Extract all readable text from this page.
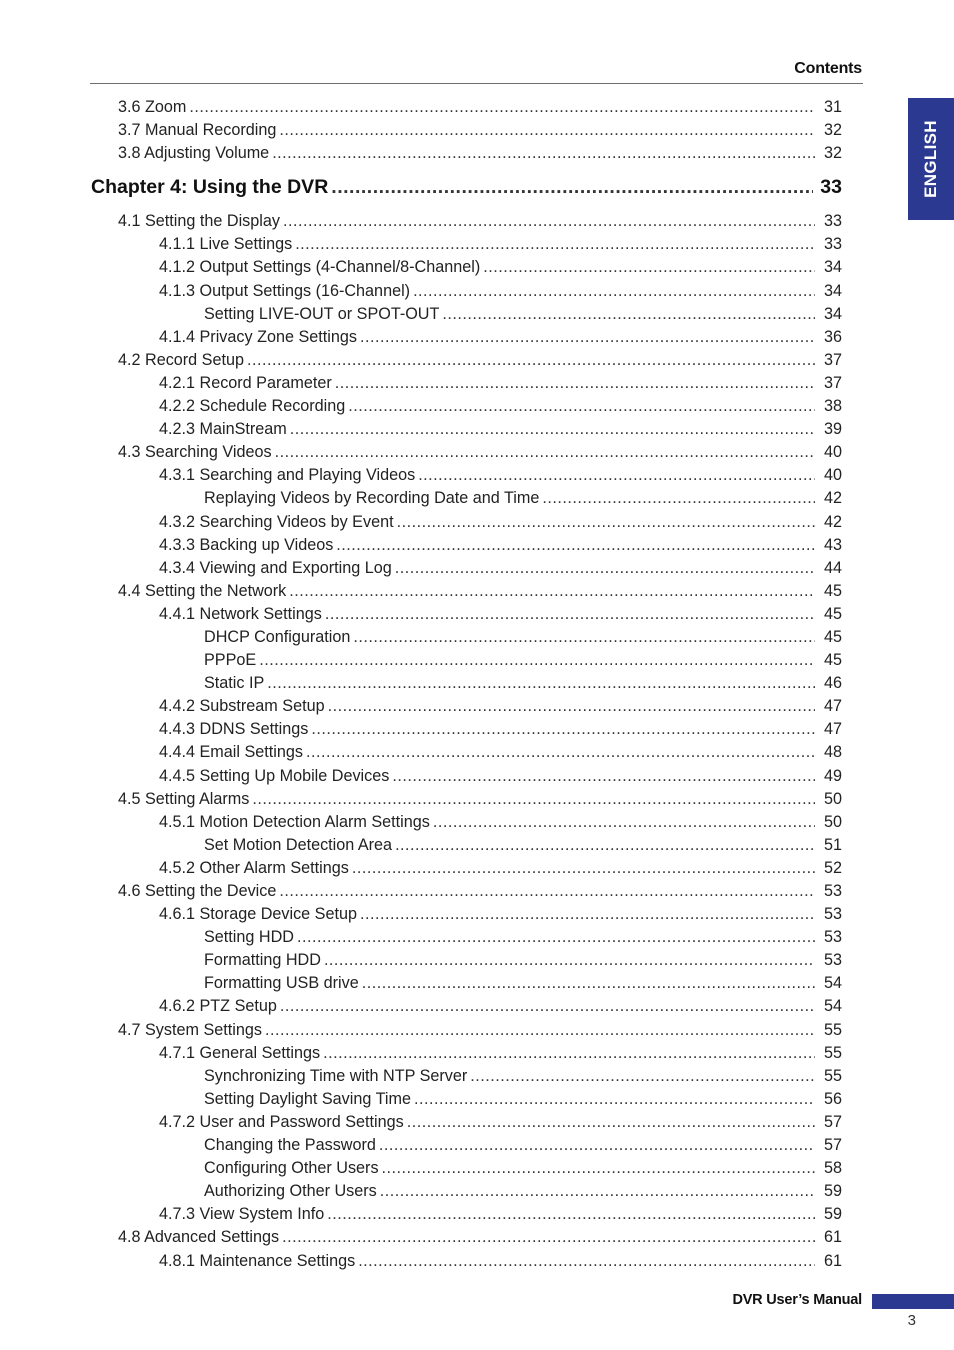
Contents
ENGLISH
3.6 Zoom .....	31
3.7 Manual Recording .....	32
3.8 Adjusting Volume .....	32
Chapter 4: Using the DVR .....	33
4.1 Setting the Display .....	33
4.1.1 Live Settings .....	33
4.1.2 Output Settings (4-Channel/8-Channel) .....	34
4.1.3 Output Settings (16-Channel) .....	34
Setting LIVE-OUT or SPOT-OUT .....	34
4.1.4 Privacy Zone Settings .....	36
4.2 Record Setup .....	37
4.2.1 Record Parameter .....	37
4.2.2 Schedule Recording .....	38
4.2.3 MainStream .....	39
4.3 Searching Videos .....	40
4.3.1 Searching and Playing Videos .....	40
Replaying Videos by Recording Date and Time .....	42
4.3.2 Searching Videos by Event .....	42
4.3.3 Backing up Videos .....	43
4.3.4 Viewing and Exporting Log .....	44
4.4 Setting the Network .....	45
4.4.1 Network Settings .....	45
DHCP Configuration .....	45
PPPoE .....	45
Static IP .....	46
4.4.2 Substream Setup .....	47
4.4.3 DDNS Settings .....	47
4.4.4 Email Settings .....	48
4.4.5 Setting Up Mobile Devices .....	49
4.5 Setting Alarms .....	50
4.5.1 Motion Detection Alarm Settings .....	50
Set Motion Detection Area .....	51
4.5.2 Other Alarm Settings .....	52
4.6 Setting the Device .....	53
4.6.1 Storage Device Setup .....	53
Setting HDD .....	53
Formatting HDD .....	53
Formatting USB drive .....	54
4.6.2 PTZ Setup .....	54
4.7 System Settings .....	55
4.7.1 General Settings .....	55
Synchronizing Time with NTP Server .....	55
Setting Daylight Saving Time .....	56
4.7.2 User and Password Settings .....	57
Changing the Password .....	57
Configuring Other Users .....	58
Authorizing Other Users .....	59
4.7.3 View System Info .....	59
4.8 Advanced Settings .....	61
4.8.1 Maintenance Settings .....	61
DVR User’s Manual
3
